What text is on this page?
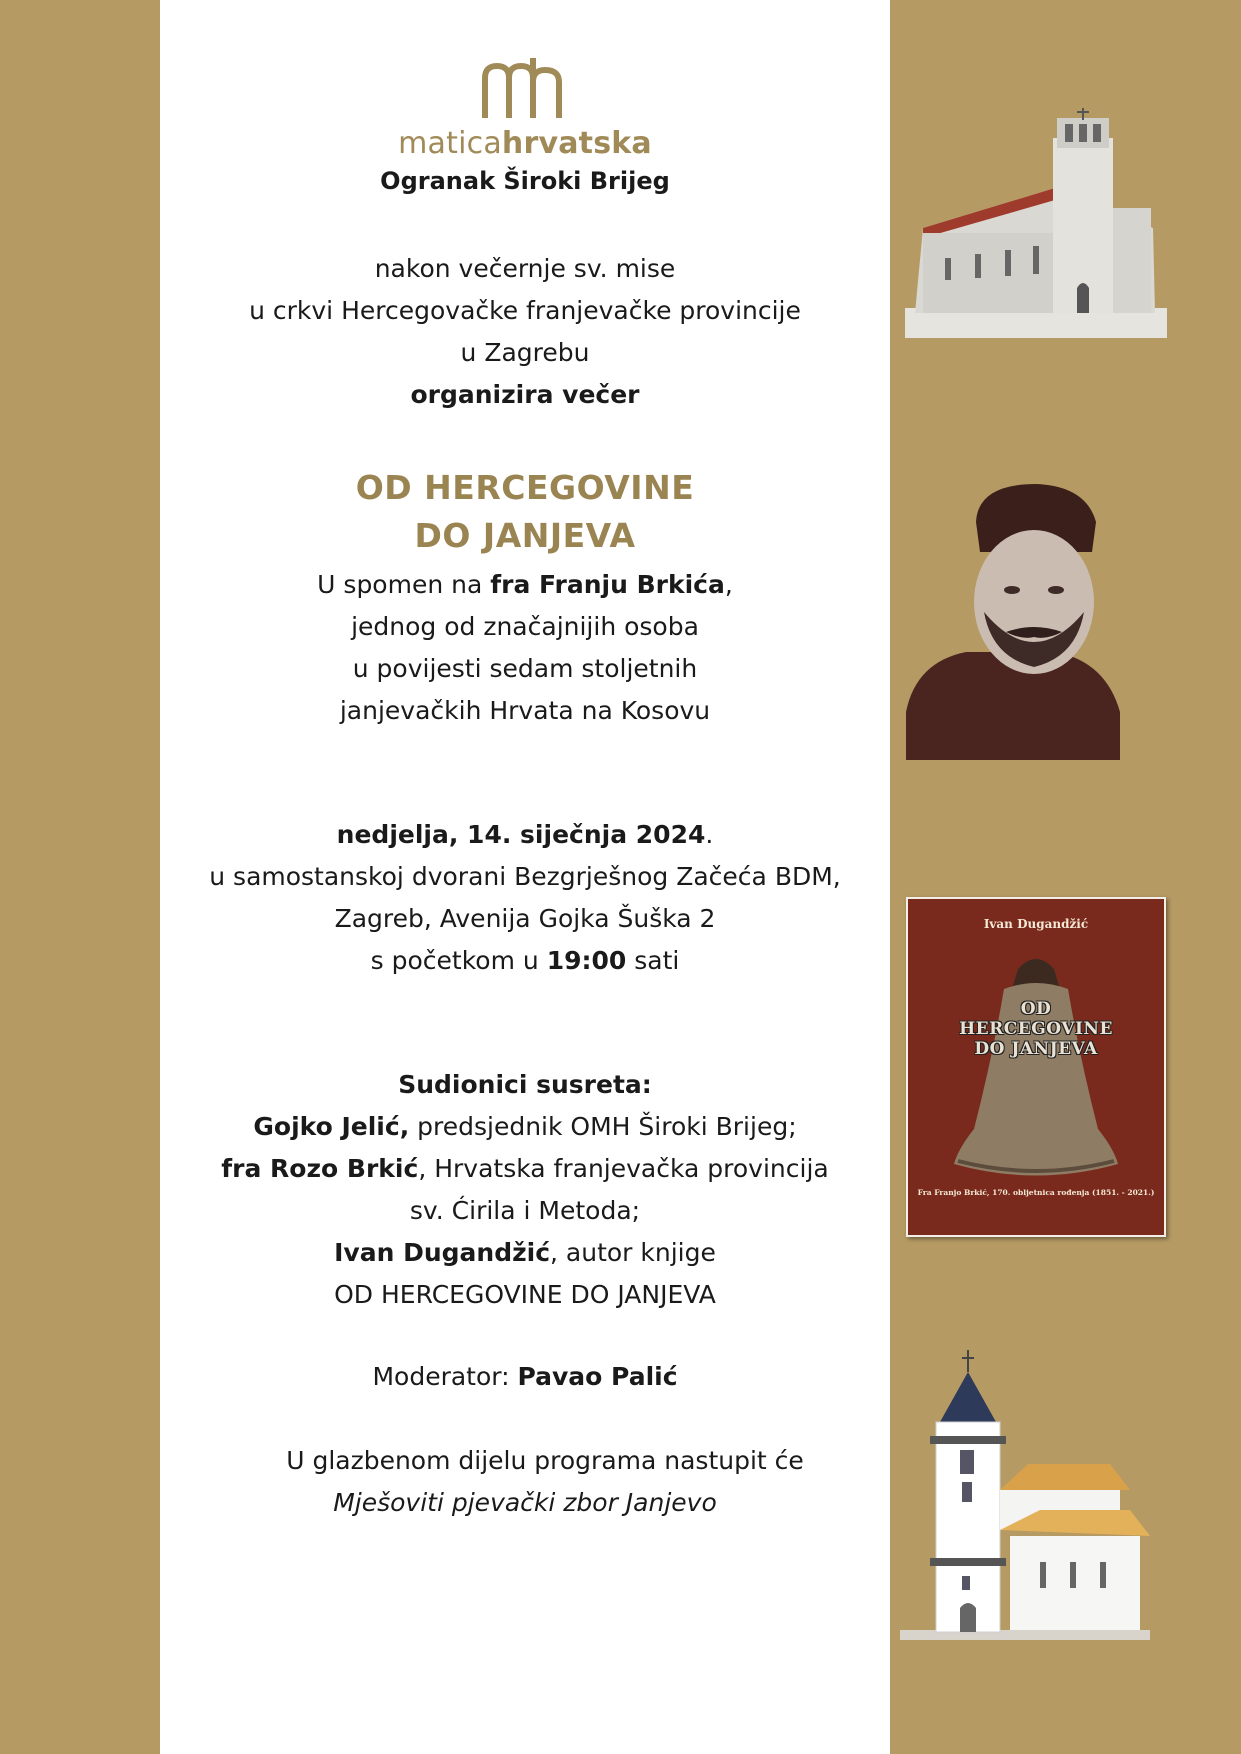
maticahrvatska
Ogranak Široki Brijeg
nakon večernje sv. mise
u crkvi Hercegovačke franjevačke provincije
u Zagrebu
organizira večer
OD HERCEGOVINE
DO JANJEVA
U spomen na fra Franju Brkića,
jednog od značajnijih osoba
u povijesti sedam stoljetnih
janjevačkih Hrvata na Kosovu
nedjelja, 14. siječnja 2024.
u samostanskoj dvorani Bezgrješnog Začeća BDM,
Zagreb, Avenija Gojka Šuška 2
s početkom u 19:00 sati
Sudionici susreta:
Gojko Jelić, predsjednik OMH Široki Brijeg;
fra Rozo Brkić, Hrvatska franjevačka provincija
sv. Ćirila i Metoda;
Ivan Dugandžić, autor knjige
OD HERCEGOVINE DO JANJEVA
Moderator: Pavao Palić
U glazbenom dijelu programa nastupit će
Mješoviti pjevački zbor Janjevo
Ivan Dugandžić
OD
HERCEGOVINE
DO JANJEVA
Fra Franjo Brkić, 170. obljetnica rođenja (1851. - 2021.)
